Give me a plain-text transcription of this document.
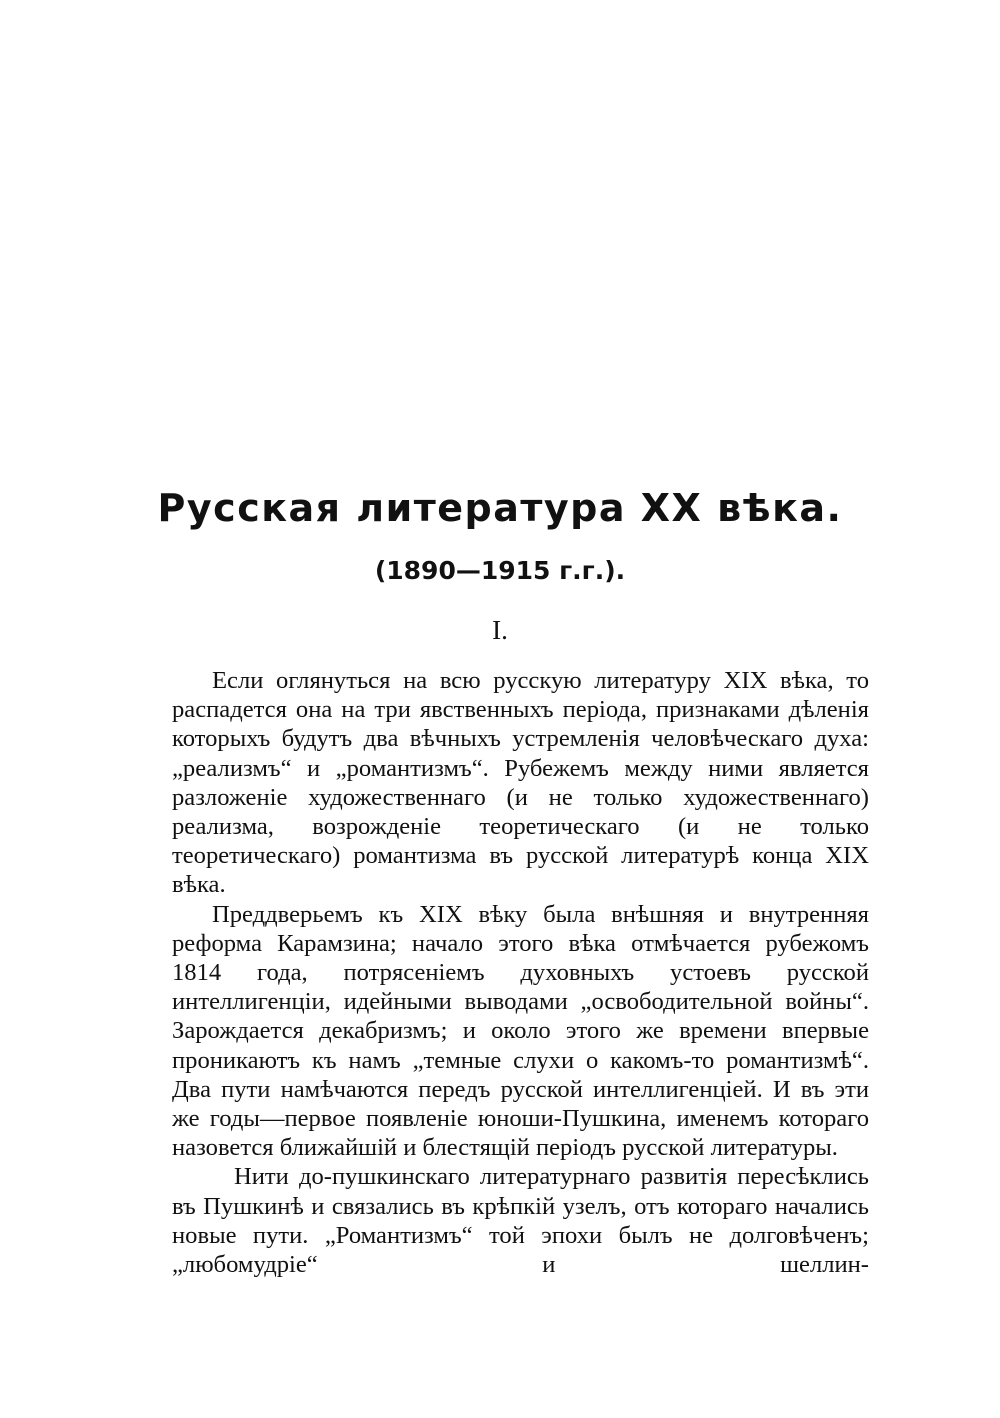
Русская литература XX вѣка.
(1890—1915 г.г.).
I.

Если оглянуться на всю русскую литературу XIX вѣка, то распадется она на три явственныхъ періода, признаками дѣленія которыхъ будутъ два вѣчныхъ устремленія человѣческаго духа: „реализмъ“ и „романтизмъ“. Рубежемъ между ними является разложеніе художественнаго (и не только художественнаго) реализма, возрожденіе теоретическаго (и не только теоретическаго) романтизма въ русской литературѣ конца XIX вѣка.

Преддверьемъ къ XIX вѣку была внѣшняя и внутренняя реформа Карамзина; начало этого вѣка отмѣчается рубежомъ 1814 года, потрясеніемъ духовныхъ устоевъ русской интеллигенціи, идейными выводами „освободительной войны“. Зарождается декабризмъ; и около этого же времени впервые проникаютъ къ намъ „темные слухи о какомъ-то романтизмѣ“. Два пути намѣчаются передъ русской интеллигенціей. И въ эти же годы—первое появленіе юноши-Пушкина, именемъ котораго назовется ближайшій и блестящій періодъ русской литературы.

Нити до-пушкинскаго литературнаго развитія пересѣклись въ Пушкинѣ и связались въ крѣпкій узелъ, отъ котораго начались новые пути. „Романтизмъ“ той эпохи былъ не долговѣченъ; „любомудріе“ и шеллин-
